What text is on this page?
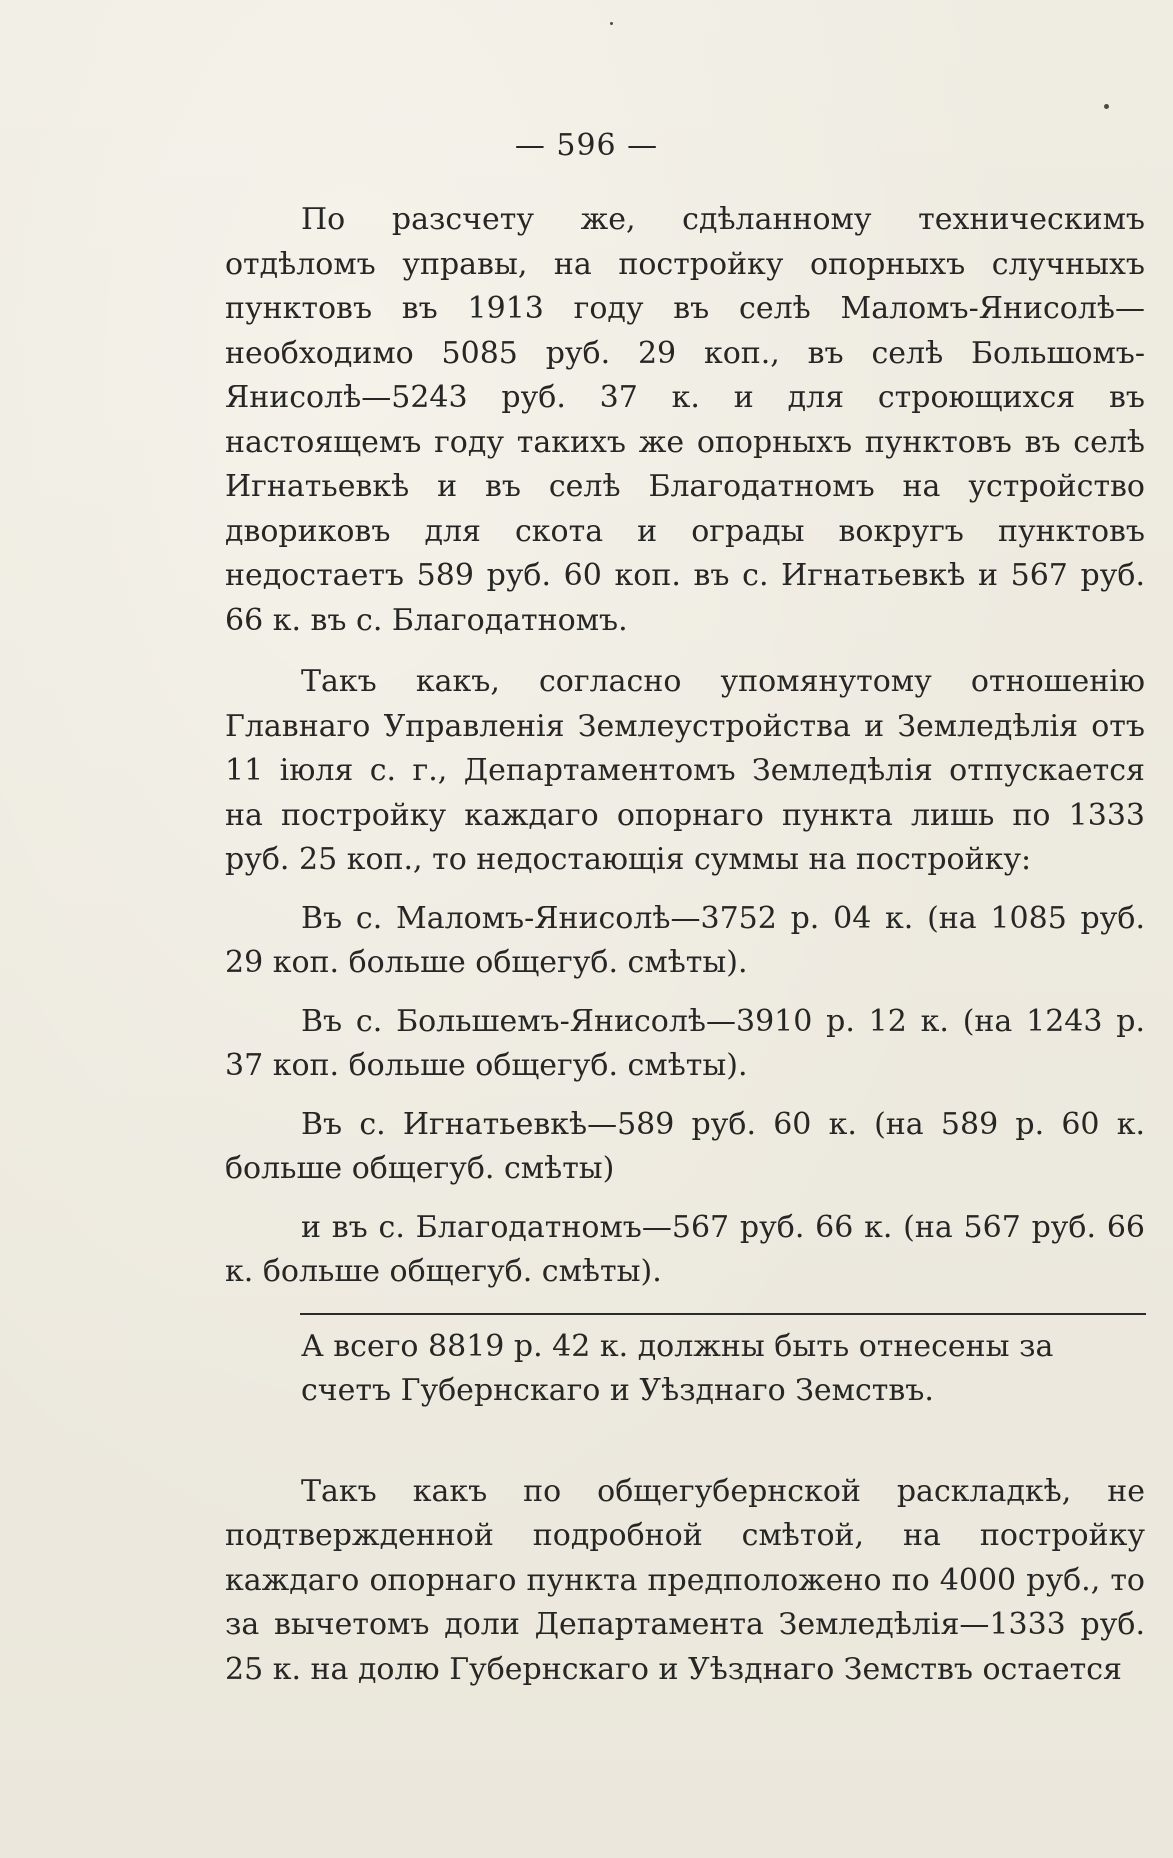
— 596 —

По разсчету же, сдѣланному техническимъ отдѣломъ управы, на постройку опорныхъ случныхъ пунктовъ въ 1913 году въ селѣ Маломъ-Янисолѣ—необходимо 5085 руб. 29 коп., въ селѣ Большомъ-Янисолѣ—5243 руб. 37 к. и для строющихся въ настоящемъ году такихъ же опорныхъ пунктовъ въ селѣ Игнатьевкѣ и въ селѣ Благодатномъ на устройство двориковъ для скота и ограды вокругъ пунктовъ недостаетъ 589 руб. 60 коп. въ с. Игнатьевкѣ и 567 руб. 66 к. въ с. Благодатномъ.

Такъ какъ, согласно упомянутому отношенію Главнаго Управленія Землеустройства и Земледѣлія отъ 11 іюля с. г., Департаментомъ Земледѣлія отпускается на постройку каждаго опорнаго пункта лишь по 1333 руб. 25 коп., то недостающія суммы на постройку:

Въ с. Маломъ-Янисолѣ—3752 р. 04 к. (на 1085 руб. 29 коп. больше общегуб. смѣты).

Въ с. Большемъ-Янисолѣ—3910 р. 12 к. (на 1243 р. 37 коп. больше общегуб. смѣты).

Въ с. Игнатьевкѣ—589 руб. 60 к. (на 589 р. 60 к. больше общегуб. смѣты)

и въ с. Благодатномъ—567 руб. 66 к. (на 567 руб. 66 к. больше общегуб. смѣты).

А всего 8819 р. 42 к. должны быть отнесены за
счетъ Губернскаго и Уѣзднаго Земствъ.

Такъ какъ по общегубернской раскладкѣ, не подтвержденной подробной смѣтой, на постройку каждаго опорнаго пункта предположено по 4000 руб., то за вычетомъ доли Департамента Земледѣлія—1333 руб. 25 к. на долю Губернскаго и Уѣзднаго Земствъ остается
